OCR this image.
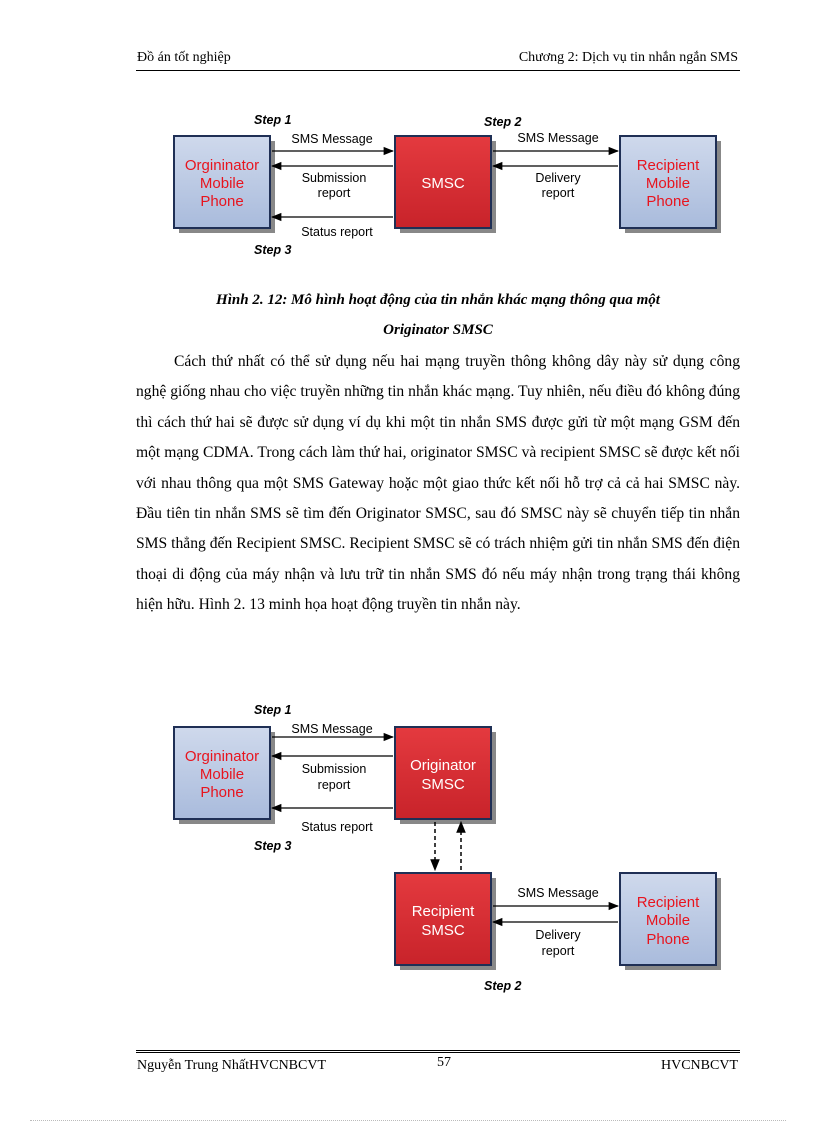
Đồ án tốt nghiệp	Chương 2: Dịch vụ tin nhắn ngắn SMS
Orgininator
Mobile
Phone
SMSC
Recipient
Mobile
Phone
Step 1	Step 2
Step 3
SMS Message
Submission
report
Status report
SMS Message
Delivery
report
Hình 2. 12: Mô hình hoạt động của tin nhắn khác mạng thông qua một
Originator SMSC
Cách thứ nhất có thể sử dụng nếu hai mạng truyền thông không dây này sử dụng công nghệ giống nhau cho việc truyền những tin nhắn khác mạng. Tuy nhiên, nếu điều đó không đúng thì cách thứ hai sẽ được sử dụng ví dụ khi một tin nhắn SMS được gửi từ một mạng GSM đến một mạng CDMA. Trong cách làm thứ hai, originator SMSC và recipient SMSC sẽ được kết nối với nhau thông qua một SMS Gateway hoặc một giao thức kết nối hỗ trợ cả cả hai SMSC này. Đầu tiên tin nhắn SMS sẽ tìm đến Originator SMSC, sau đó SMSC này sẽ chuyển tiếp tin nhắn SMS thẳng đến Recipient SMSC. Recipient SMSC sẽ có trách nhiệm gửi tin nhắn SMS đến điện thoại di động của máy nhận và lưu trữ tin nhắn SMS đó nếu máy nhận trong trạng thái không hiện hữu. Hình 2. 13 minh họa hoạt động truyền tin nhắn này.
Orgininator
Mobile
Phone
Originator
SMSC
Recipient
SMSC
Recipient
Mobile
Phone
Step 1
Step 3
Step 2
SMS Message
Submission
report
Status report
SMS Message
Delivery
report
Nguyễn Trung NhấtHVCNBCVT	57	HVCNBCVT
